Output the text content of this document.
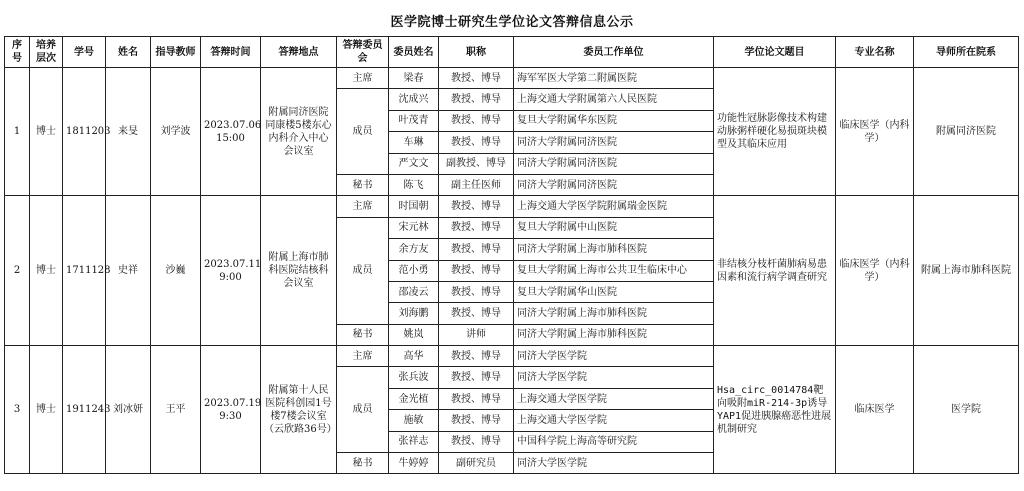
医学院博士研究生学位论文答辩信息公示
序号	培养层次	学号	姓名	指导教师	答辩时间	答辩地点	答辩委员会	委员姓名	职称	委员工作单位	学位论文题目	专业名称	导师所在院系
1	博士	1811203	来旻	刘学波	2023.07.06 15:00	附属同济医院同康楼5楼东心内科介入中心会议室	主席	梁春	教授、博导	海军军医大学第二附属医院	功能性冠脉影像技术构建动脉粥样硬化易损斑块模型及其临床应用	临床医学（内科学）	附属同济医院
							成员	沈成兴	教授、博导	上海交通大学附属第六人民医院			
								叶茂青	教授、博导	复旦大学附属华东医院			
								车琳	教授、博导	同济大学附属同济医院			
								严文文	副教授、博导	同济大学附属同济医院			
							秘书	陈飞	副主任医师	同济大学附属同济医院			
2	博士	1711128	史祥	沙巍	2023.07.11 9:00	附属上海市肺科医院结核科会议室	主席	时国朝	教授、博导	上海交通大学医学院附属瑞金医院	非结核分枝杆菌肺病易患因素和流行病学调查研究	临床医学（内科学）	附属上海市肺科医院
							成员	宋元林	教授、博导	复旦大学附属中山医院			
								余方友	教授、博导	同济大学附属上海市肺科医院			
								范小勇	教授、博导	复旦大学附属上海市公共卫生临床中心			
								邵凌云	教授、博导	复旦大学附属华山医院			
								刘海鹏	教授、博导	同济大学附属上海市肺科医院			
							秘书	姚岚	讲师	同济大学附属上海市肺科医院			
3	博士	1911243	刘冰妍	王平	2023.07.19 9:30	附属第十人民医院科创园1号楼7楼会议室（云欣路36号）	主席	高华	教授、博导	同济大学医学院	Hsa_circ_0014784靶向吸附miR-214-3p诱导YAP1促进胰腺癌恶性进展机制研究	临床医学	医学院
							成员	张兵波	教授、博导	同济大学医学院			
								金光植	教授、博导	上海交通大学医学院			
								施敏	教授、博导	上海交通大学医学院			
								张祥志	教授、博导	中国科学院上海高等研究院			
							秘书	牛婷婷	副研究员	同济大学医学院			
